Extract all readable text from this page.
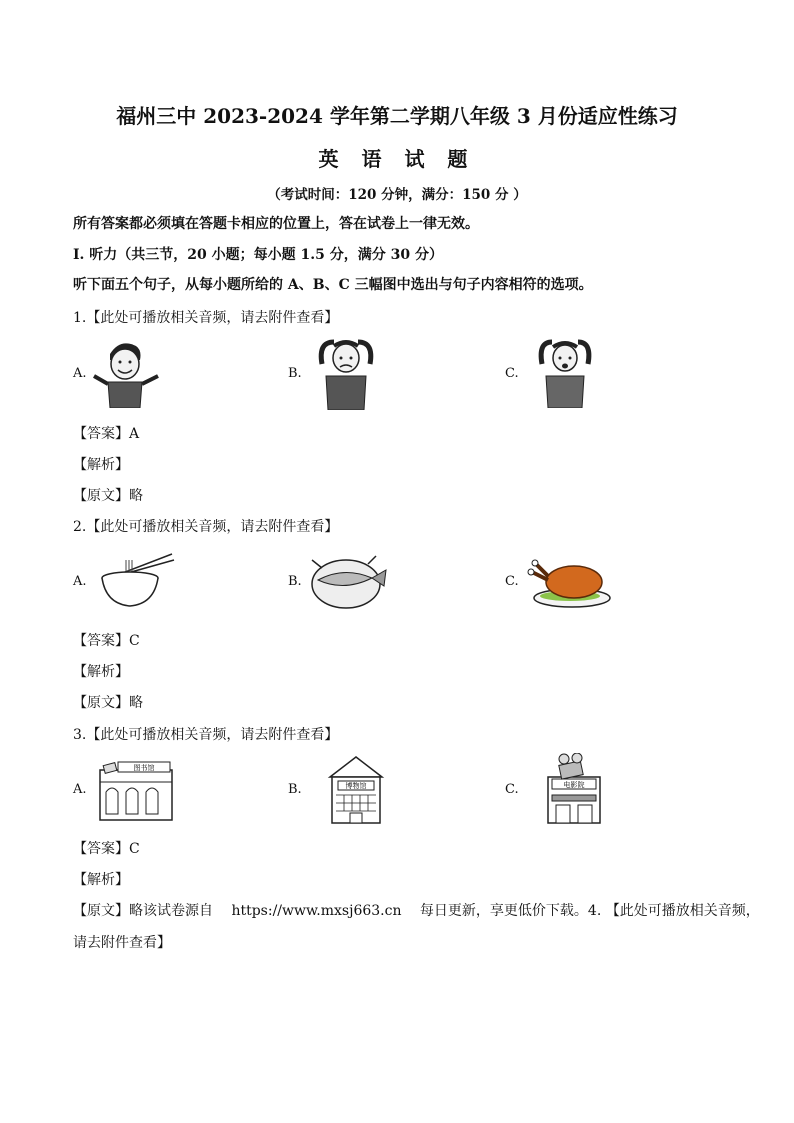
福州三中 2023-2024 学年第二学期八年级 3 月份适应性练习
英 语 试 题
（考试时间：120 分钟，满分：150 分 ）
所有答案都必须填在答题卡相应的位置上，答在试卷上一律无效。
I. 听力（共三节，20 小题；每小题 1.5 分，满分 30 分）
听下面五个句子，从每小题所给的 A、B、C 三幅图中选出与句子内容相符的选项。
1.【此处可播放相关音频，请去附件查看】
A.	B.	C.
【答案】A
【解析】
【原文】略
2.【此处可播放相关音频，请去附件查看】
A.	B.	C.
【答案】C
【解析】
【原文】略
3.【此处可播放相关音频，请去附件查看】
A.	B.	C.
图书馆
博物馆	电影院
【答案】C
【解析】
【原文】略该试卷源自 　https://www.mxsj663.cn　 每日更新，享更低价下载。4. 【此处可播放相关音频，
请去附件查看】
